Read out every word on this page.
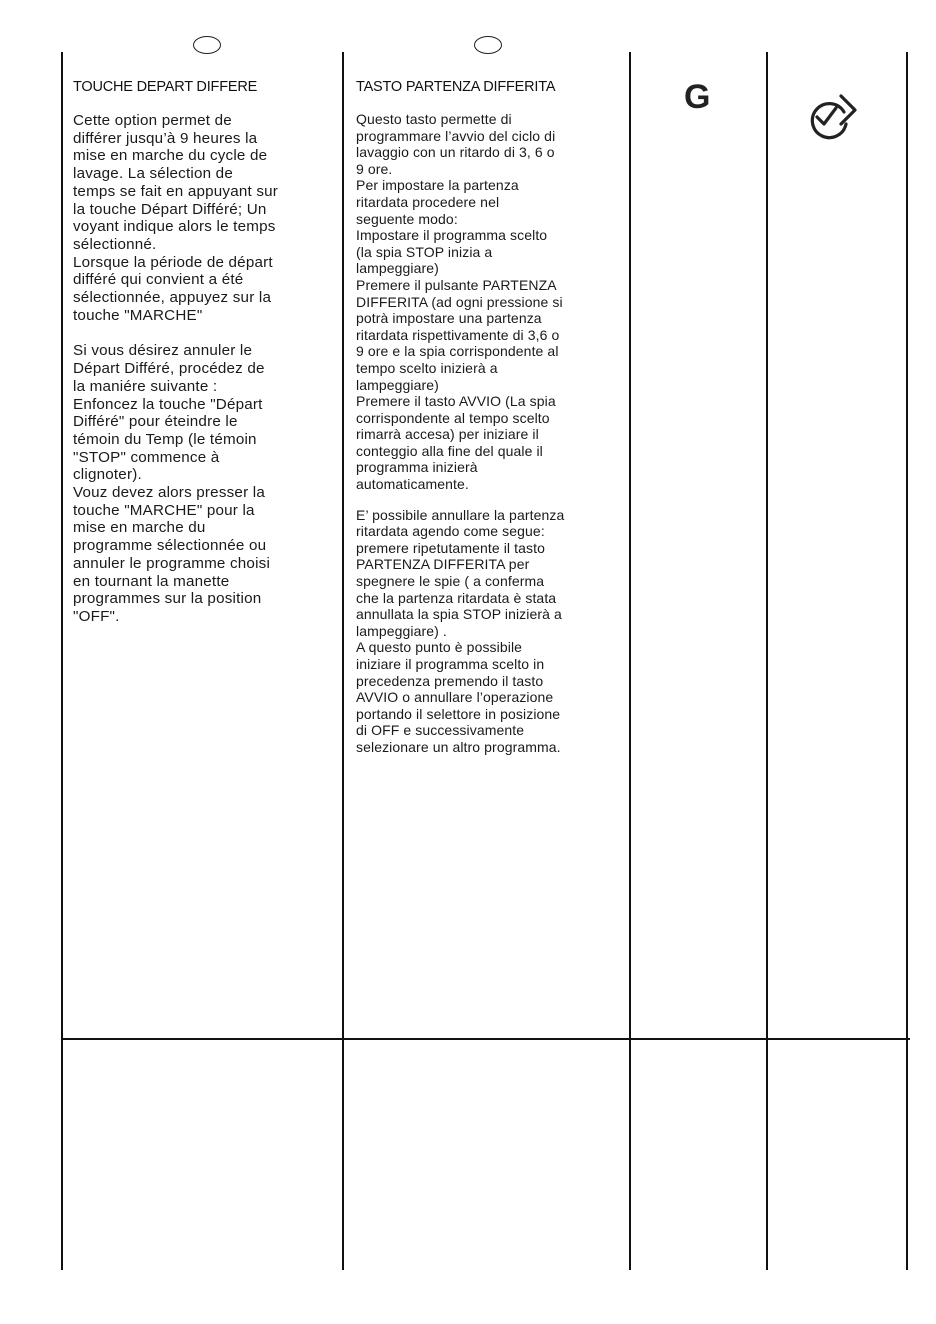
TOUCHE DEPART DIFFERE

Cette option permet de
différer jusqu’à 9 heures la
mise en marche du cycle de
lavage. La sélection de
temps se fait en appuyant sur
la touche Départ Différé; Un
voyant indique alors le temps
sélectionné.
Lorsque la période de départ
différé qui convient a été
sélectionnée, appuyez sur la
touche "MARCHE"

Si vous désirez annuler le
Départ Différé, procédez de
la maniére suivante :
Enfoncez la touche "Départ
Différé" pour éteindre le
témoin du Temp (le témoin
"STOP" commence à
clignoter).
Vouz devez alors presser la
touche "MARCHE" pour la
mise en marche du
programme sélectionnée ou
annuler le programme choisi
en tournant la manette
programmes sur la position
"OFF".

TASTO PARTENZA DIFFERITA

Questo tasto permette di
programmare l’avvio del ciclo di
lavaggio con un ritardo di 3, 6 o
9 ore.
Per impostare la partenza
ritardata procedere nel
seguente modo:
Impostare il programma scelto
(la spia STOP inizia a
lampeggiare)
Premere il pulsante PARTENZA
DIFFERITA (ad ogni pressione si
potrà impostare una partenza
ritardata rispettivamente di 3,6 o
9 ore e la spia corrispondente al
tempo scelto inizierà a
lampeggiare)
Premere il tasto AVVIO (La spia
corrispondente al tempo scelto
rimarrà accesa) per iniziare il
conteggio alla fine del quale il
programma inizierà
automaticamente.

E’ possibile annullare la partenza
ritardata agendo come segue:
premere ripetutamente il tasto
PARTENZA DIFFERITA per
spegnere le spie ( a conferma
che la partenza ritardata è stata
annullata la spia STOP inizierà a
lampeggiare) .
A questo punto è possibile
iniziare il programma scelto in
precedenza premendo il tasto
AVVIO o annullare l’operazione
portando il selettore in posizione
di OFF e successivamente
selezionare un altro programma.

G
